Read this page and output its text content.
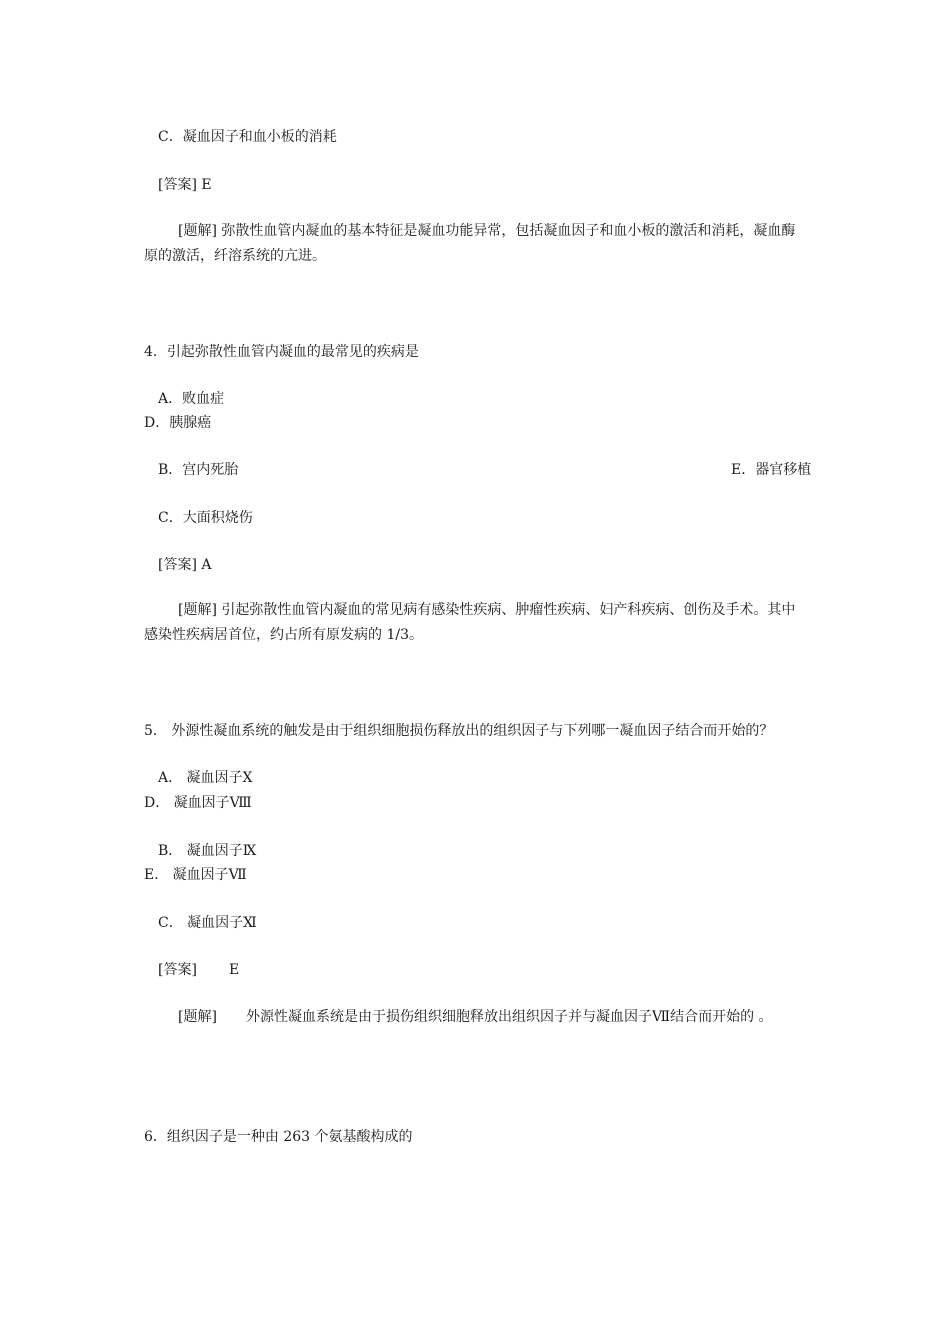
C．凝血因子和血小板的消耗
[答案] E
[题解] 弥散性血管内凝血的基本特征是凝血功能异常，包括凝血因子和血小板的激活和消耗，凝血酶原的激活，纤溶系统的亢进。
4．引起弥散性血管内凝血的最常见的疾病是
A．败血症
D．胰腺癌
B．宫内死胎	E．器官移植
C．大面积烧伤
[答案] A
[题解] 引起弥散性血管内凝血的常见病有感染性疾病、肿瘤性疾病、妇产科疾病、创伤及手术。其中感染性疾病居首位，约占所有原发病的 1/3。
5． 外源性凝血系统的触发是由于组织细胞损伤释放出的组织因子与下列哪一凝血因子结合而开始的？
A． 凝血因子Ⅹ
D． 凝血因子Ⅷ
B． 凝血因子Ⅸ
E． 凝血因子Ⅶ
C． 凝血因子Ⅺ
[答案] E
[题解] 外源性凝血系统是由于损伤组织细胞释放出组织因子并与凝血因子Ⅶ结合而开始的 。
6．组织因子是一种由 263 个氨基酸构成的
